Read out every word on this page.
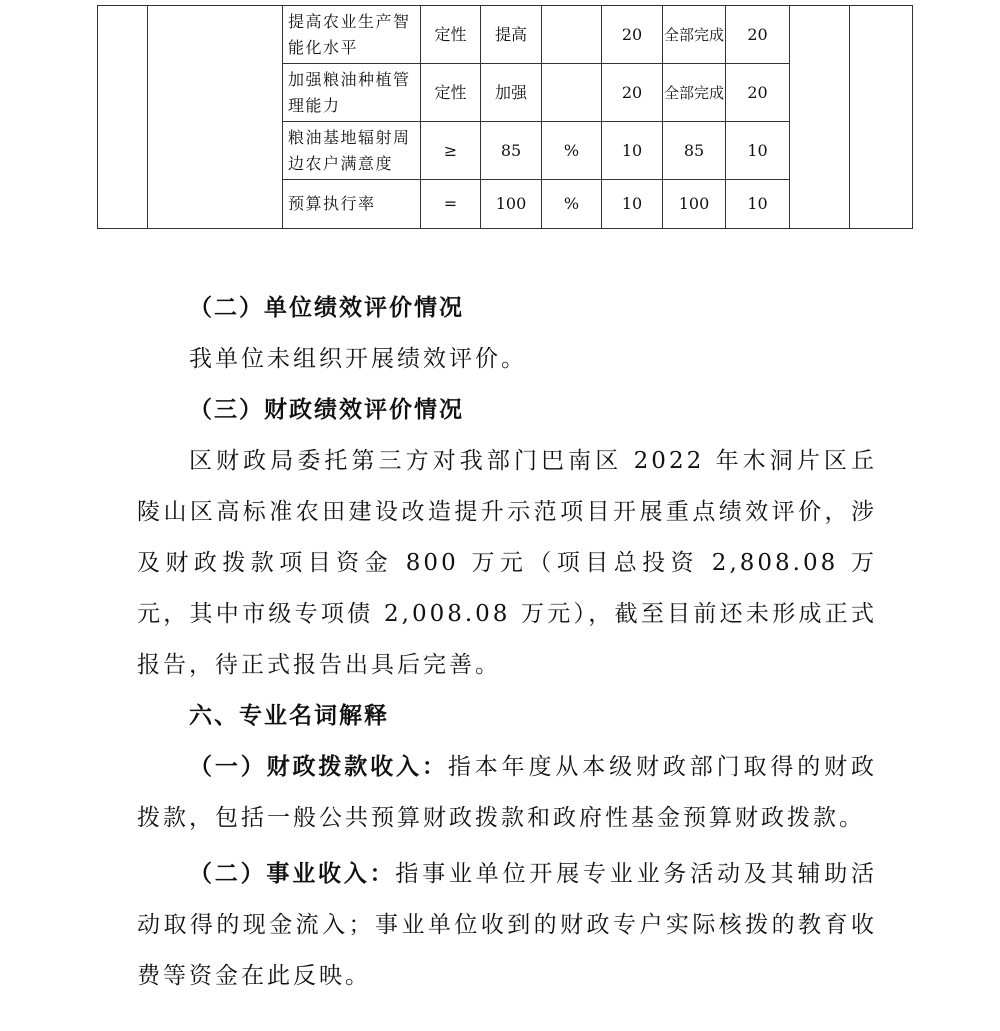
		提高农业生产智能化水平	定性	提高		20	全部完成	20		
		加强粮油种植管理能力	定性	加强		20	全部完成	20		
		粮油基地辐射周边农户满意度	≥	85	%	10	85	10		
		预算执行率	=	100	%	10	100	10		

（二）单位绩效评价情况

我单位未组织开展绩效评价。

（三）财政绩效评价情况

区财政局委托第三方对我部门巴南区 2022 年木洞片区丘陵山区高标准农田建设改造提升示范项目开展重点绩效评价，涉及财政拨款项目资金 800 万元（项目总投资 2,808.08 万元，其中市级专项债 2,008.08 万元），截至目前还未形成正式报告，待正式报告出具后完善。

六、专业名词解释

（一）财政拨款收入：指本年度从本级财政部门取得的财政拨款，包括一般公共预算财政拨款和政府性基金预算财政拨款。

（二）事业收入：指事业单位开展专业业务活动及其辅助活动取得的现金流入；事业单位收到的财政专户实际核拨的教育收费等资金在此反映。
